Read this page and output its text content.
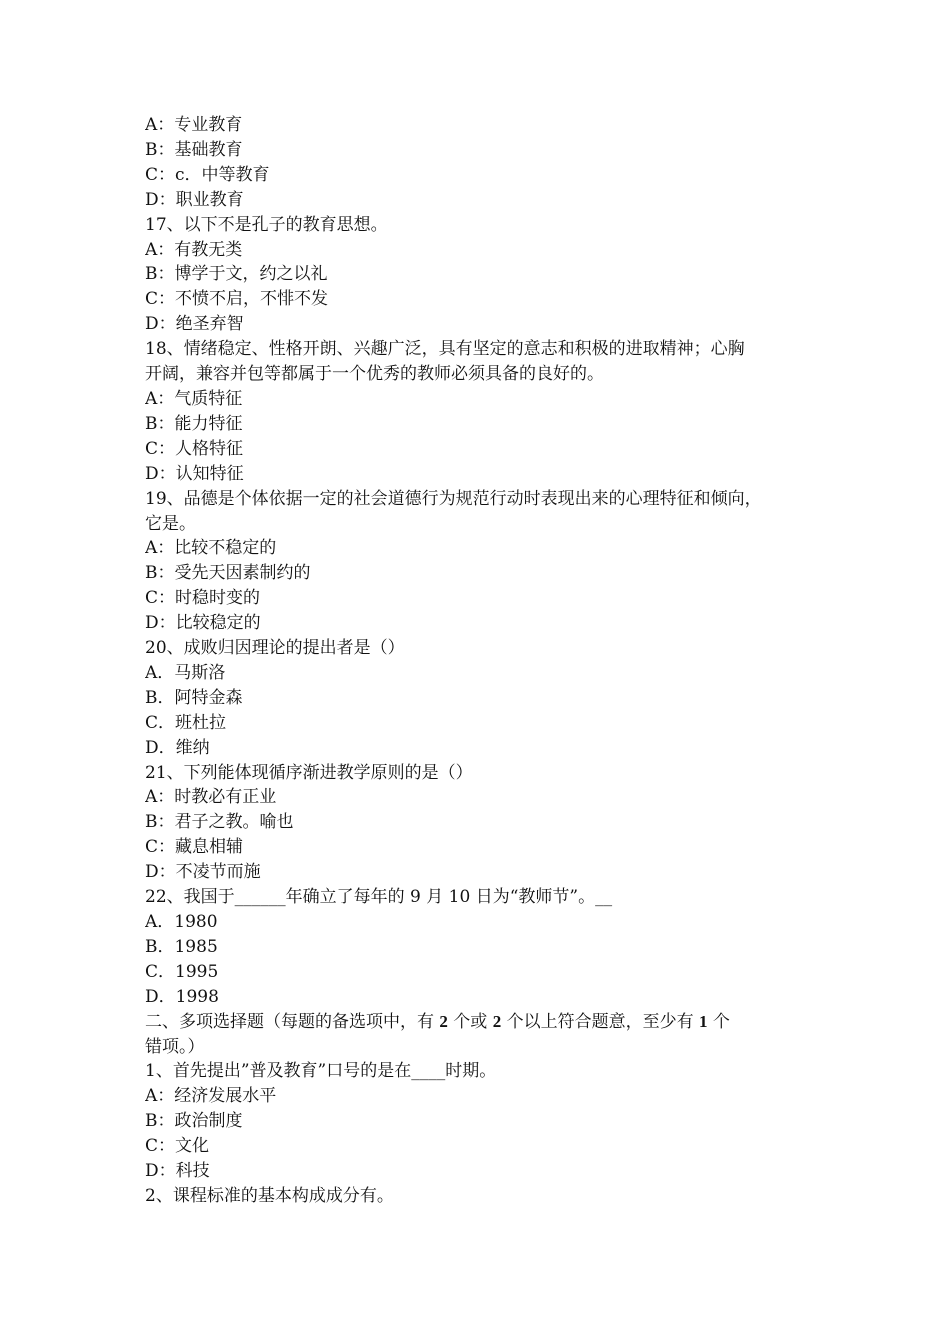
A：专业教育
B：基础教育
C：c．中等教育
D：职业教育
17、以下不是孔子的教育思想。
A：有教无类
B：博学于文，约之以礼
C：不愤不启，不悱不发
D：绝圣弃智
18、情绪稳定、性格开朗、兴趣广泛，具有坚定的意志和积极的进取精神；心胸
开阔，兼容并包等都属于一个优秀的教师必须具备的良好的。
A：气质特征
B：能力特征
C：人格特征
D：认知特征
19、品德是个体依据一定的社会道德行为规范行动时表现出来的心理特征和倾向，
它是。
A：比较不稳定的
B：受先天因素制约的
C：时稳时变的
D：比较稳定的
20、成败归因理论的提出者是（）
A．马斯洛
B．阿特金森
C．班杜拉
D．维纳
21、下列能体现循序渐进教学原则的是（）
A：时教必有正业
B：君子之教。喻也
C：藏息相辅
D：不凌节而施
22、我国于______年确立了每年的 9 月 10 日为“教师节”。__
A．1980
B．1985
C．1995
D．1998
二、多项选择题（每题的备选项中，有 2 个或 2 个以上符合题意，至少有 1 个
错项。）
1、首先提出”普及教育”口号的是在____时期。
A：经济发展水平
B：政治制度
C：文化
D：科技
2、课程标准的基本构成成分有。
